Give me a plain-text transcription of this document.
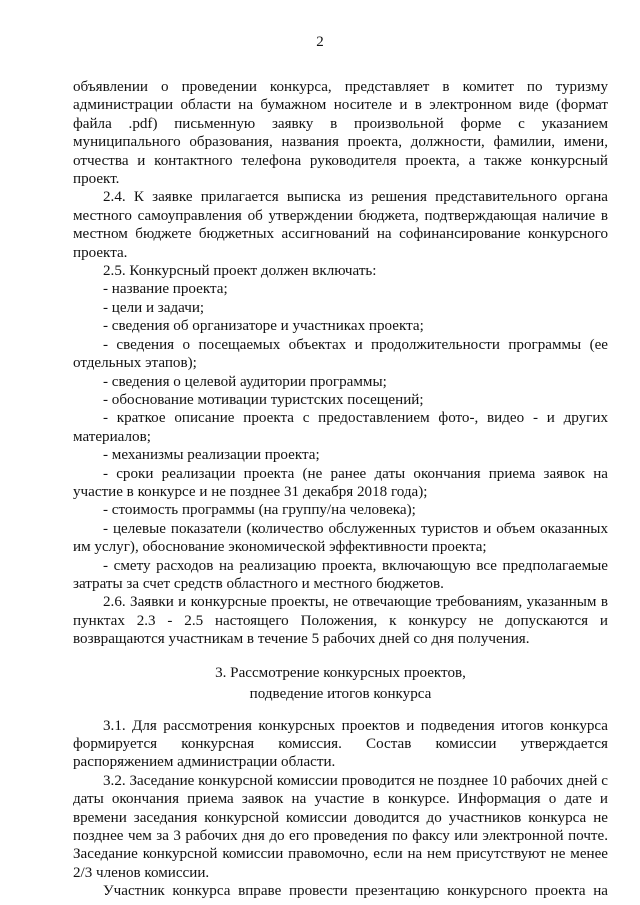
2

объявлении о проведении конкурса, представляет в комитет по туризму администрации области на бумажном носителе и в электронном виде (формат файла .pdf) письменную заявку в произвольной форме с указанием муниципального образования, названия проекта, должности, фамилии, имени, отчества и контактного телефона руководителя проекта, а также конкурсный проект.

2.4. К заявке прилагается выписка из решения представительного органа местного самоуправления об утверждении бюджета, подтверждающая наличие в местном бюджете бюджетных ассигнований на софинансирование конкурсного проекта.

2.5. Конкурсный проект должен включать:

- название проекта;

- цели и задачи;

- сведения об организаторе и участниках проекта;

- сведения о посещаемых объектах и продолжительности программы (ее отдельных этапов);

- сведения о целевой аудитории программы;

- обоснование мотивации туристских посещений;

- краткое описание проекта с предоставлением фото-, видео - и других материалов;

- механизмы реализации проекта;

- сроки реализации проекта (не ранее даты окончания приема заявок на участие в конкурсе и не позднее 31 декабря 2018 года);

- стоимость программы (на группу/на человека);

- целевые показатели (количество обслуженных туристов и объем оказанных им услуг), обоснование экономической эффективности проекта;

- смету расходов на реализацию проекта, включающую все предполагаемые затраты за счет средств областного и местного бюджетов.

2.6. Заявки и конкурсные проекты, не отвечающие требованиям, указанным в пунктах 2.3 - 2.5 настоящего Положения, к конкурсу не допускаются и возвращаются участникам в течение 5 рабочих дней со дня получения.

3. Рассмотрение конкурсных проектов,
подведение итогов конкурса

3.1. Для рассмотрения конкурсных проектов и подведения итогов конкурса формируется конкурсная комиссия. Состав комиссии утверждается распоряжением администрации области.

3.2. Заседание конкурсной комиссии проводится не позднее 10 рабочих дней с даты окончания приема заявок на участие в конкурсе. Информация о дате и времени заседания конкурсной комиссии доводится до участников конкурса не позднее чем за 3 рабочих дня до его проведения по факсу или электронной почте. Заседание конкурсной комиссии правомочно, если на нем присутствуют не менее 2/3 членов комиссии.

Участник конкурса вправе провести презентацию конкурсного проекта на
